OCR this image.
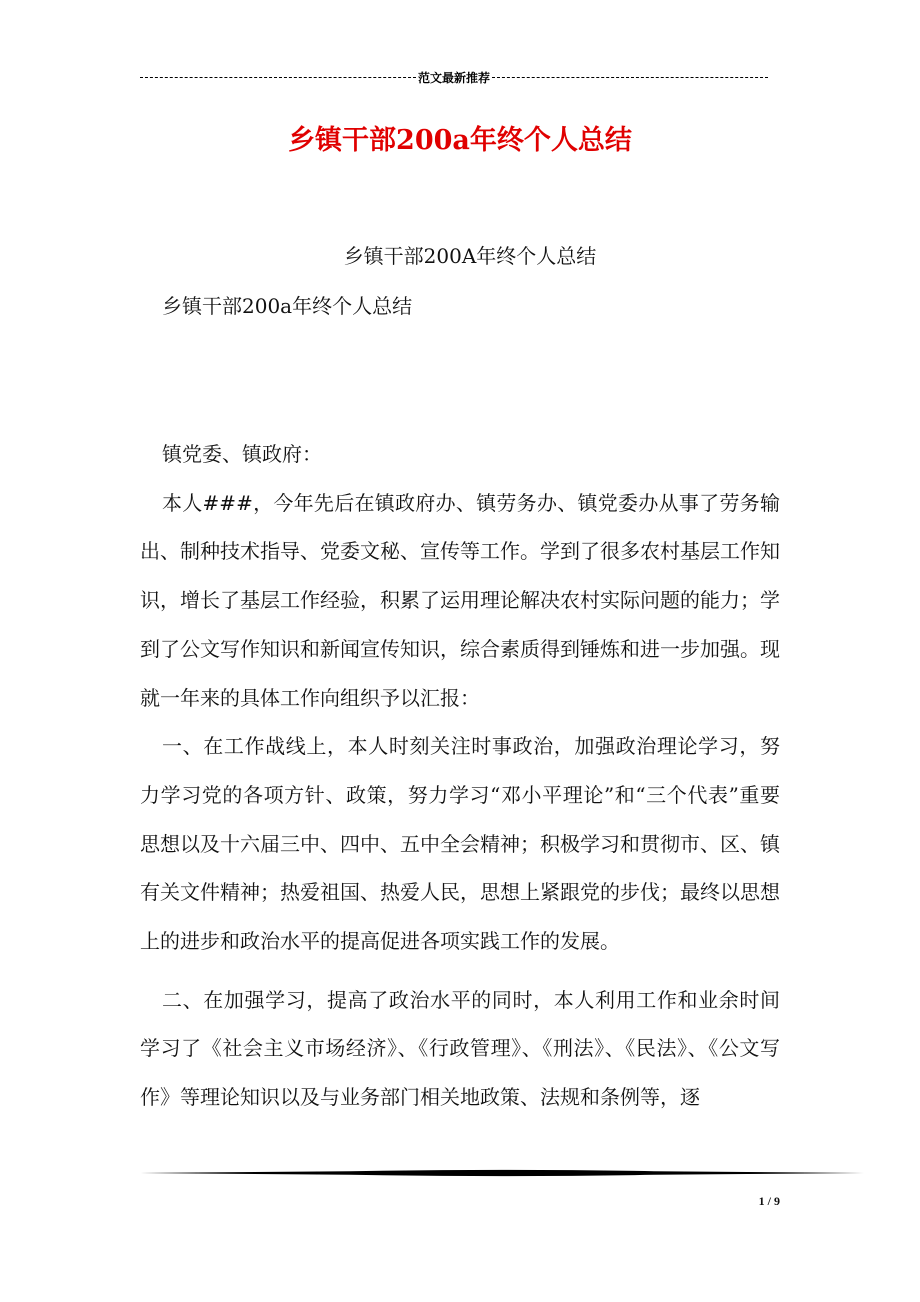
范文最新推荐
乡镇干部200a年终个人总结
乡镇干部200A年终个人总结
乡镇干部200a年终个人总结

镇党委、镇政府：

本人###，今年先后在镇政府办、镇劳务办、镇党委办从事了劳务输出、制种技术指导、党委文秘、宣传等工作。学到了很多农村基层工作知识，增长了基层工作经验，积累了运用理论解决农村实际问题的能力；学到了公文写作知识和新闻宣传知识，综合素质得到锤炼和进一步加强。现就一年来的具体工作向组织予以汇报：

一、在工作战线上，本人时刻关注时事政治，加强政治理论学习，努力学习党的各项方针、政策，努力学习“邓小平理论”和“三个代表”重要思想以及十六届三中、四中、五中全会精神；积极学习和贯彻市、区、镇有关文件精神；热爱祖国、热爱人民，思想上紧跟党的步伐；最终以思想上的进步和政治水平的提高促进各项实践工作的发展。

二、在加强学习，提高了政治水平的同时，本人利用工作和业余时间学习了《社会主义市场经济》、《行政管理》、《刑法》、《民法》、《公文写作》等理论知识以及与业务部门相关地政策、法规和条例等，逐

1 / 9
